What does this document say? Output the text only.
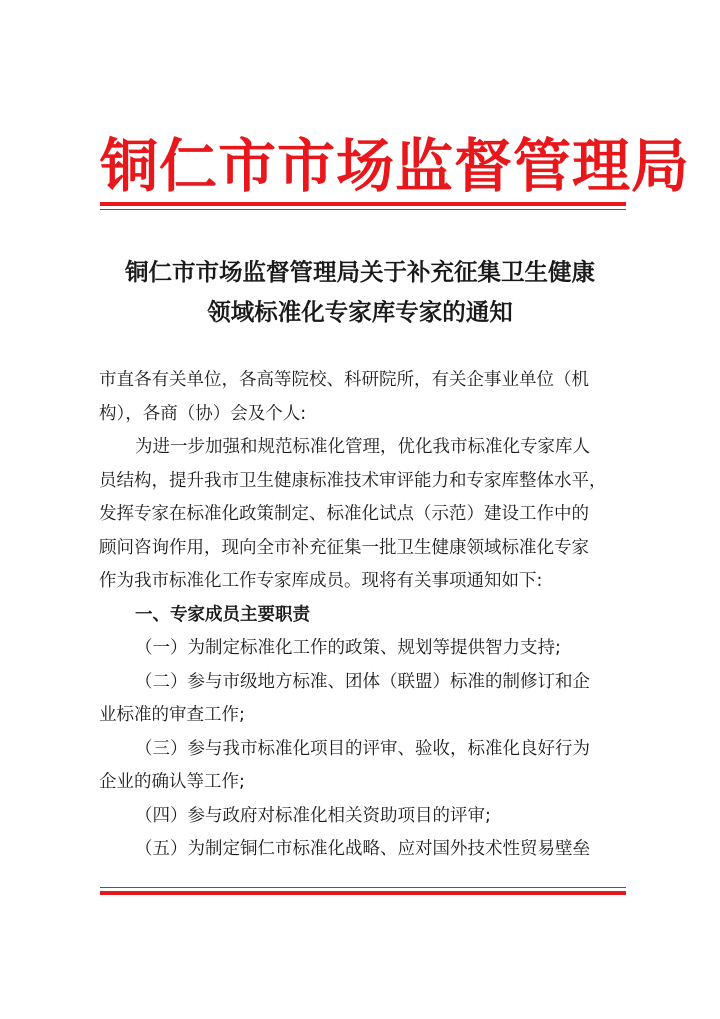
铜仁市市场监督管理局
铜仁市市场监督管理局关于补充征集卫生健康
领域标准化专家库专家的通知
市直各有关单位，各高等院校、科研院所，有关企事业单位（机
构），各商（协）会及个人:
为进一步加强和规范标准化管理，优化我市标准化专家库人
员结构，提升我市卫生健康标准技术审评能力和专家库整体水平，
发挥专家在标准化政策制定、标准化试点（示范）建设工作中的
顾问咨询作用，现向全市补充征集一批卫生健康领域标准化专家
作为我市标准化工作专家库成员。现将有关事项通知如下:
一、专家成员主要职责
（一）为制定标准化工作的政策、规划等提供智力支持;
（二）参与市级地方标准、团体（联盟）标准的制修订和企
业标准的审查工作;
（三）参与我市标准化项目的评审、验收，标准化良好行为
企业的确认等工作;
（四）参与政府对标准化相关资助项目的评审;
（五）为制定铜仁市标准化战略、应对国外技术性贸易壁垒
